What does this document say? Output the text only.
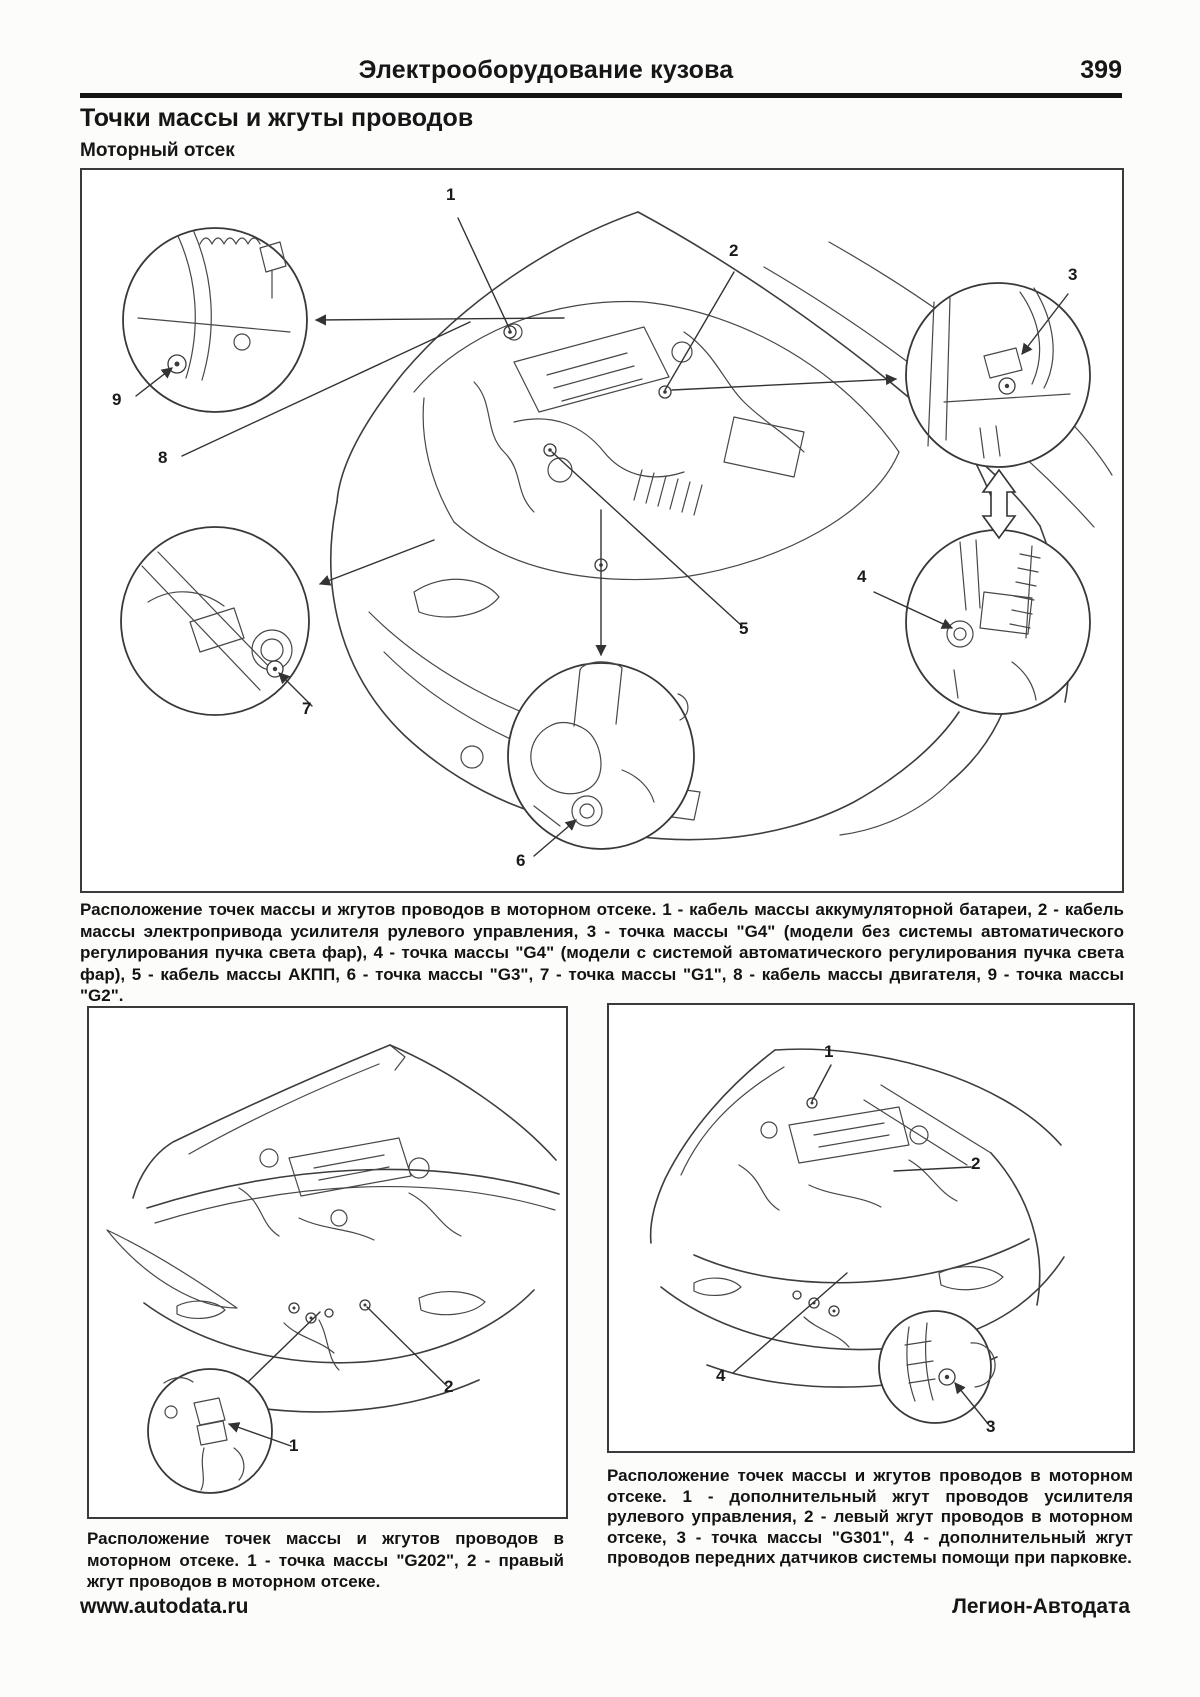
Электрооборудование кузова	399
Точки массы и жгуты проводов
Моторный отсек
1
2
3
4
5
6
7
8
9

Расположение точек массы и жгутов проводов в моторном отсеке. 1 - кабель массы аккумуляторной батареи, 2 - кабель массы электропривода усилителя рулевого управления, 3 - точка массы "G4" (модели без системы автоматического регулирования пучка света фар), 4 - точка массы "G4" (модели с системой автоматического регулирования пучка света фар), 5 - кабель массы АКПП, 6 - точка массы "G3", 7 - точка массы "G1", 8 - кабель массы двигателя, 9 - точка массы "G2".

1
2
1
2
3
4

Расположение точек массы и жгутов проводов в моторном отсеке. 1 - дополнительный жгут проводов усилителя рулевого управления, 2 - левый жгут проводов в моторном отсеке, 3 - точка массы "G301", 4 - дополнительный жгут проводов передних датчиков системы помощи при парковке.

Расположение точек массы и жгутов проводов в моторном отсеке. 1 - точка массы "G202", 2 - правый жгут проводов в моторном отсеке.

www.autodata.ru	Легион-Автодата
